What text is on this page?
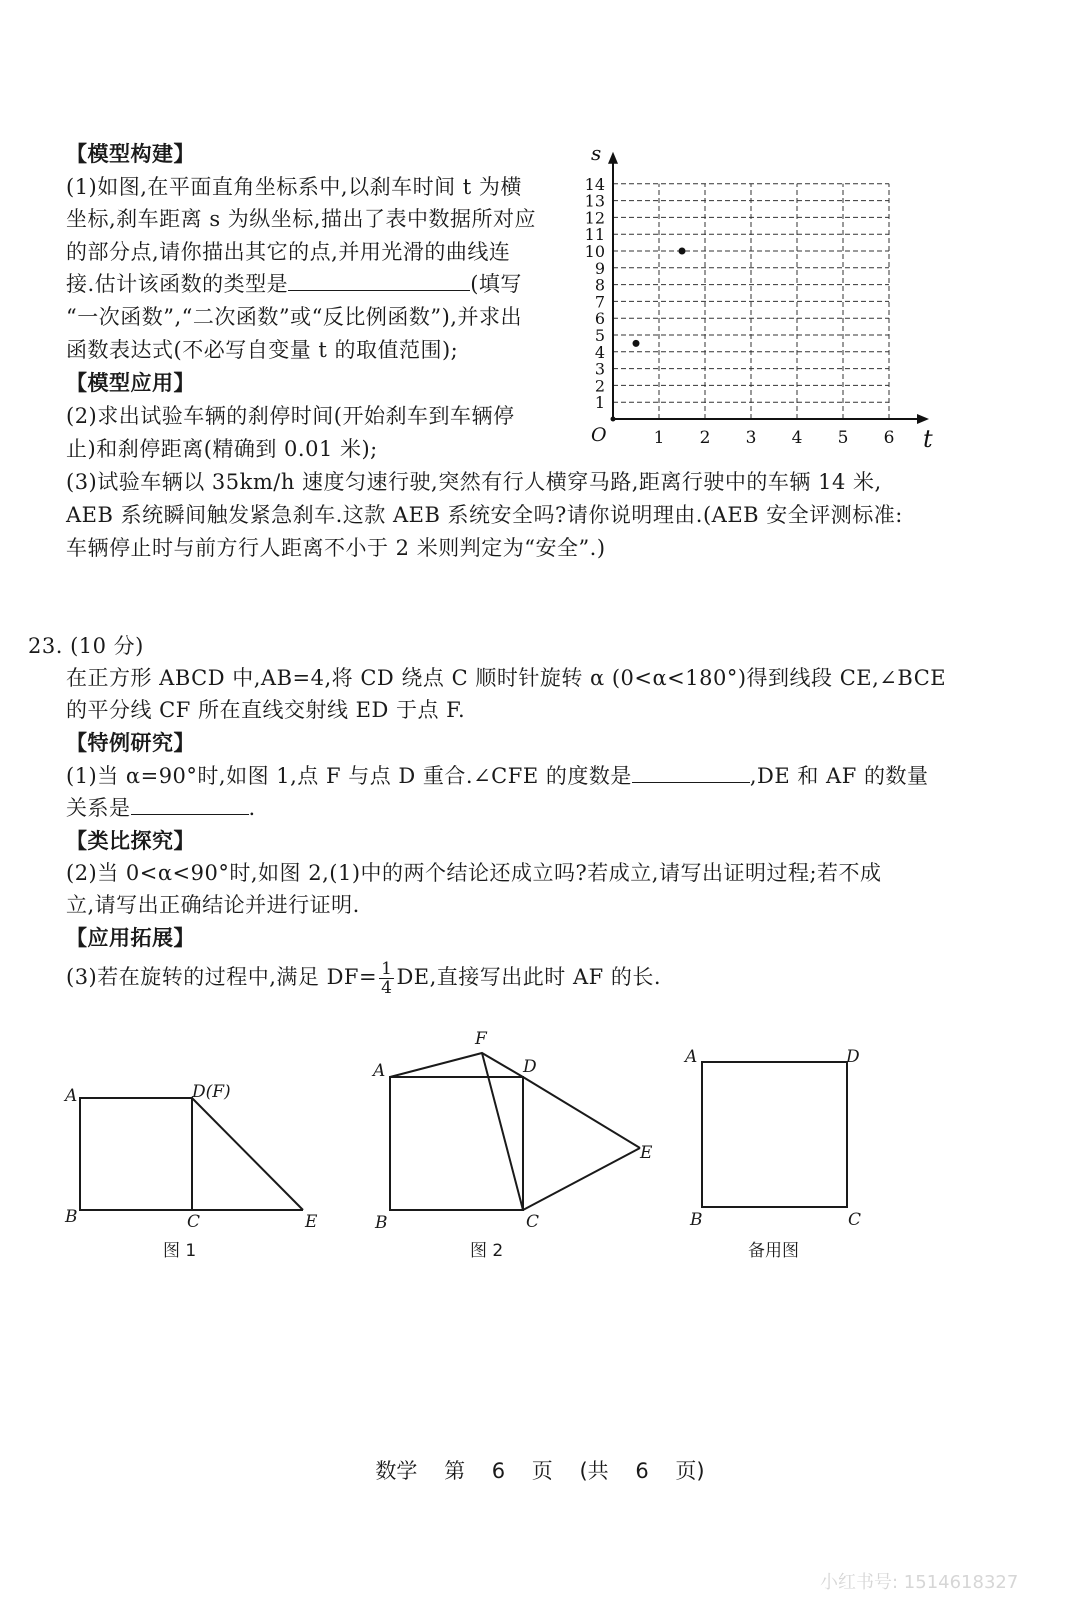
【模型构建】
(1)如图,在平面直角坐标系中,以刹车时间 t 为横
坐标,刹车距离 s 为纵坐标,描出了表中数据所对应
的部分点,请你描出其它的点,并用光滑的曲线连
接.估计该函数的类型是	(填写
“一次函数”,“二次函数”或“反比例函数”),并求出
函数表达式(不必写自变量 t 的取值范围);
【模型应用】
(2)求出试验车辆的刹停时间(开始刹车到车辆停
止)和刹停距离(精确到 0.01 米);
(3)试验车辆以 35km/h 速度匀速行驶,突然有行人横穿马路,距离行驶中的车辆 14 米,
AEB 系统瞬间触发紧急刹车.这款 AEB 系统安全吗?请你说明理由.(AEB 安全评测标准:
车辆停止时与前方行人距离不小于 2 米则判定为“安全”.)
t
s
O	1 2 3 4 5 6
1
2
3
4
5
6
7
8
9
10
11
12
13
14
23. (10 分)
在正方形 ABCD 中,AB=4,将 CD 绕点 C 顺时针旋转 α (0<α<180°)得到线段 CE,∠BCE
的平分线 CF 所在直线交射线 ED 于点 F.
【特例研究】
(1)当 α=90°时,如图 1,点 F 与点 D 重合.∠CFE 的度数是	,DE 和 AF 的数量
关系是	.
【类比探究】
(2)当 0<α<90°时,如图 2,(1)中的两个结论还成立吗?若成立,请写出证明过程;若不成
立,请写出正确结论并进行证明.
【应用拓展】
(3)若在旋转的过程中,满足 $DF= \frac{1}{4}$ DE,直接写出此时 AF 的长.
A
B	C
D(F)
E
图 1
A
B	C
D
E
F
图 2
A
B	C
D
备用图
数学 第 6 页 (共 6 页)
小红书号: 1514618327
